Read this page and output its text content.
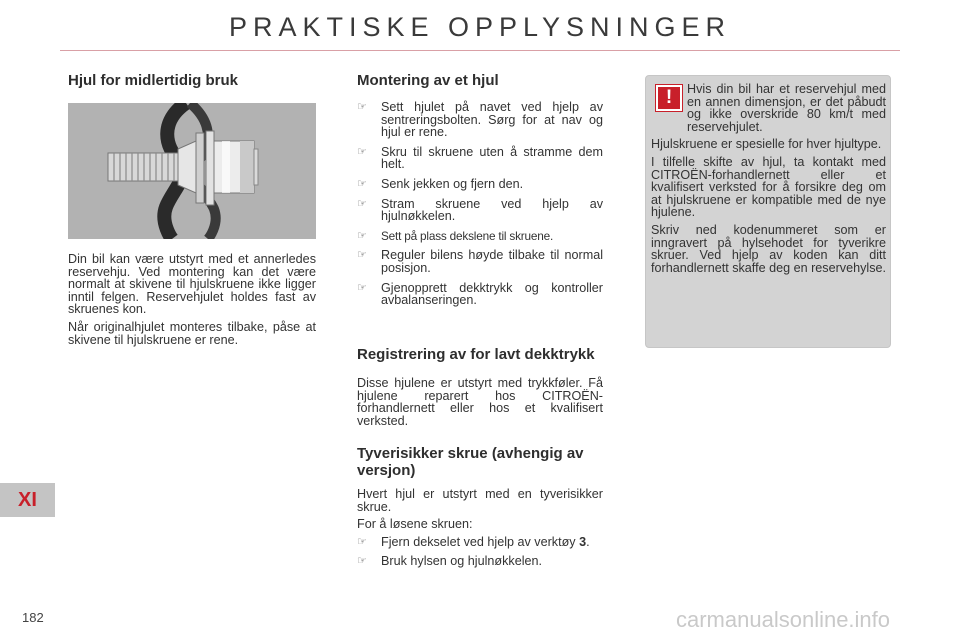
PRAKTISKE OPPLYSNINGER
Hjul for midlertidig bruk

Din bil kan være utstyrt med et annerledes reservehju. Ved montering kan det være normalt at skivene til hjulskruene ikke ligger inntil felgen. Reservehjulet holdes fast av skruenes kon.

Når originalhjulet monteres tilbake, påse at skivene til hjulskruene er rene.

Montering av et hjul
☞ Sett hjulet på navet ved hjelp av sentreringsbolten. Sørg for at nav og hjul er rene.
☞ Skru til skruene uten å stramme dem helt.
☞ Senk jekken og fjern den.
☞ Stram skruene ved hjelp av hjulnøkkelen.
☞ Sett på plass dekslene til skruene.
☞ Reguler bilens høyde tilbake til normal posisjon.
☞ Gjenopprett dekktrykk og kontroller avbalanseringen.
Registrering av for lavt dekktrykk

Disse hjulene er utstyrt med trykkføler. Få hjulene reparert hos CITROËN-forhandlernett eller hos et kvalifisert verksted.

Tyverisikker skrue (avhengig av versjon)

Hvert hjul er utstyrt med en tyverisikker skrue.

For å løsene skruen:

☞ Fjern dekselet ved hjelp av verktøy 3.
☞ Bruk hylsen og hjulnøkkelen.
!	Hvis din bil har et reservehjul med en annen dimensjon, er det påbudt og ikke overskride 80 km/t med reservehjulet.

Hjulskruene er spesielle for hver hjultype.

I tilfelle skifte av hjul, ta kontakt med CITROËN-forhandlernett eller et kvalifisert verksted for å forsikre deg om at hjulskruene er kompatible med de nye hjulene.

Skriv ned kodenummeret som er inngravert på hylsehodet for tyverikre skruer. Ved hjelp av koden kan ditt forhandlernett skaffe deg en reservehylse.

XI
182	carmanualsonline.info
